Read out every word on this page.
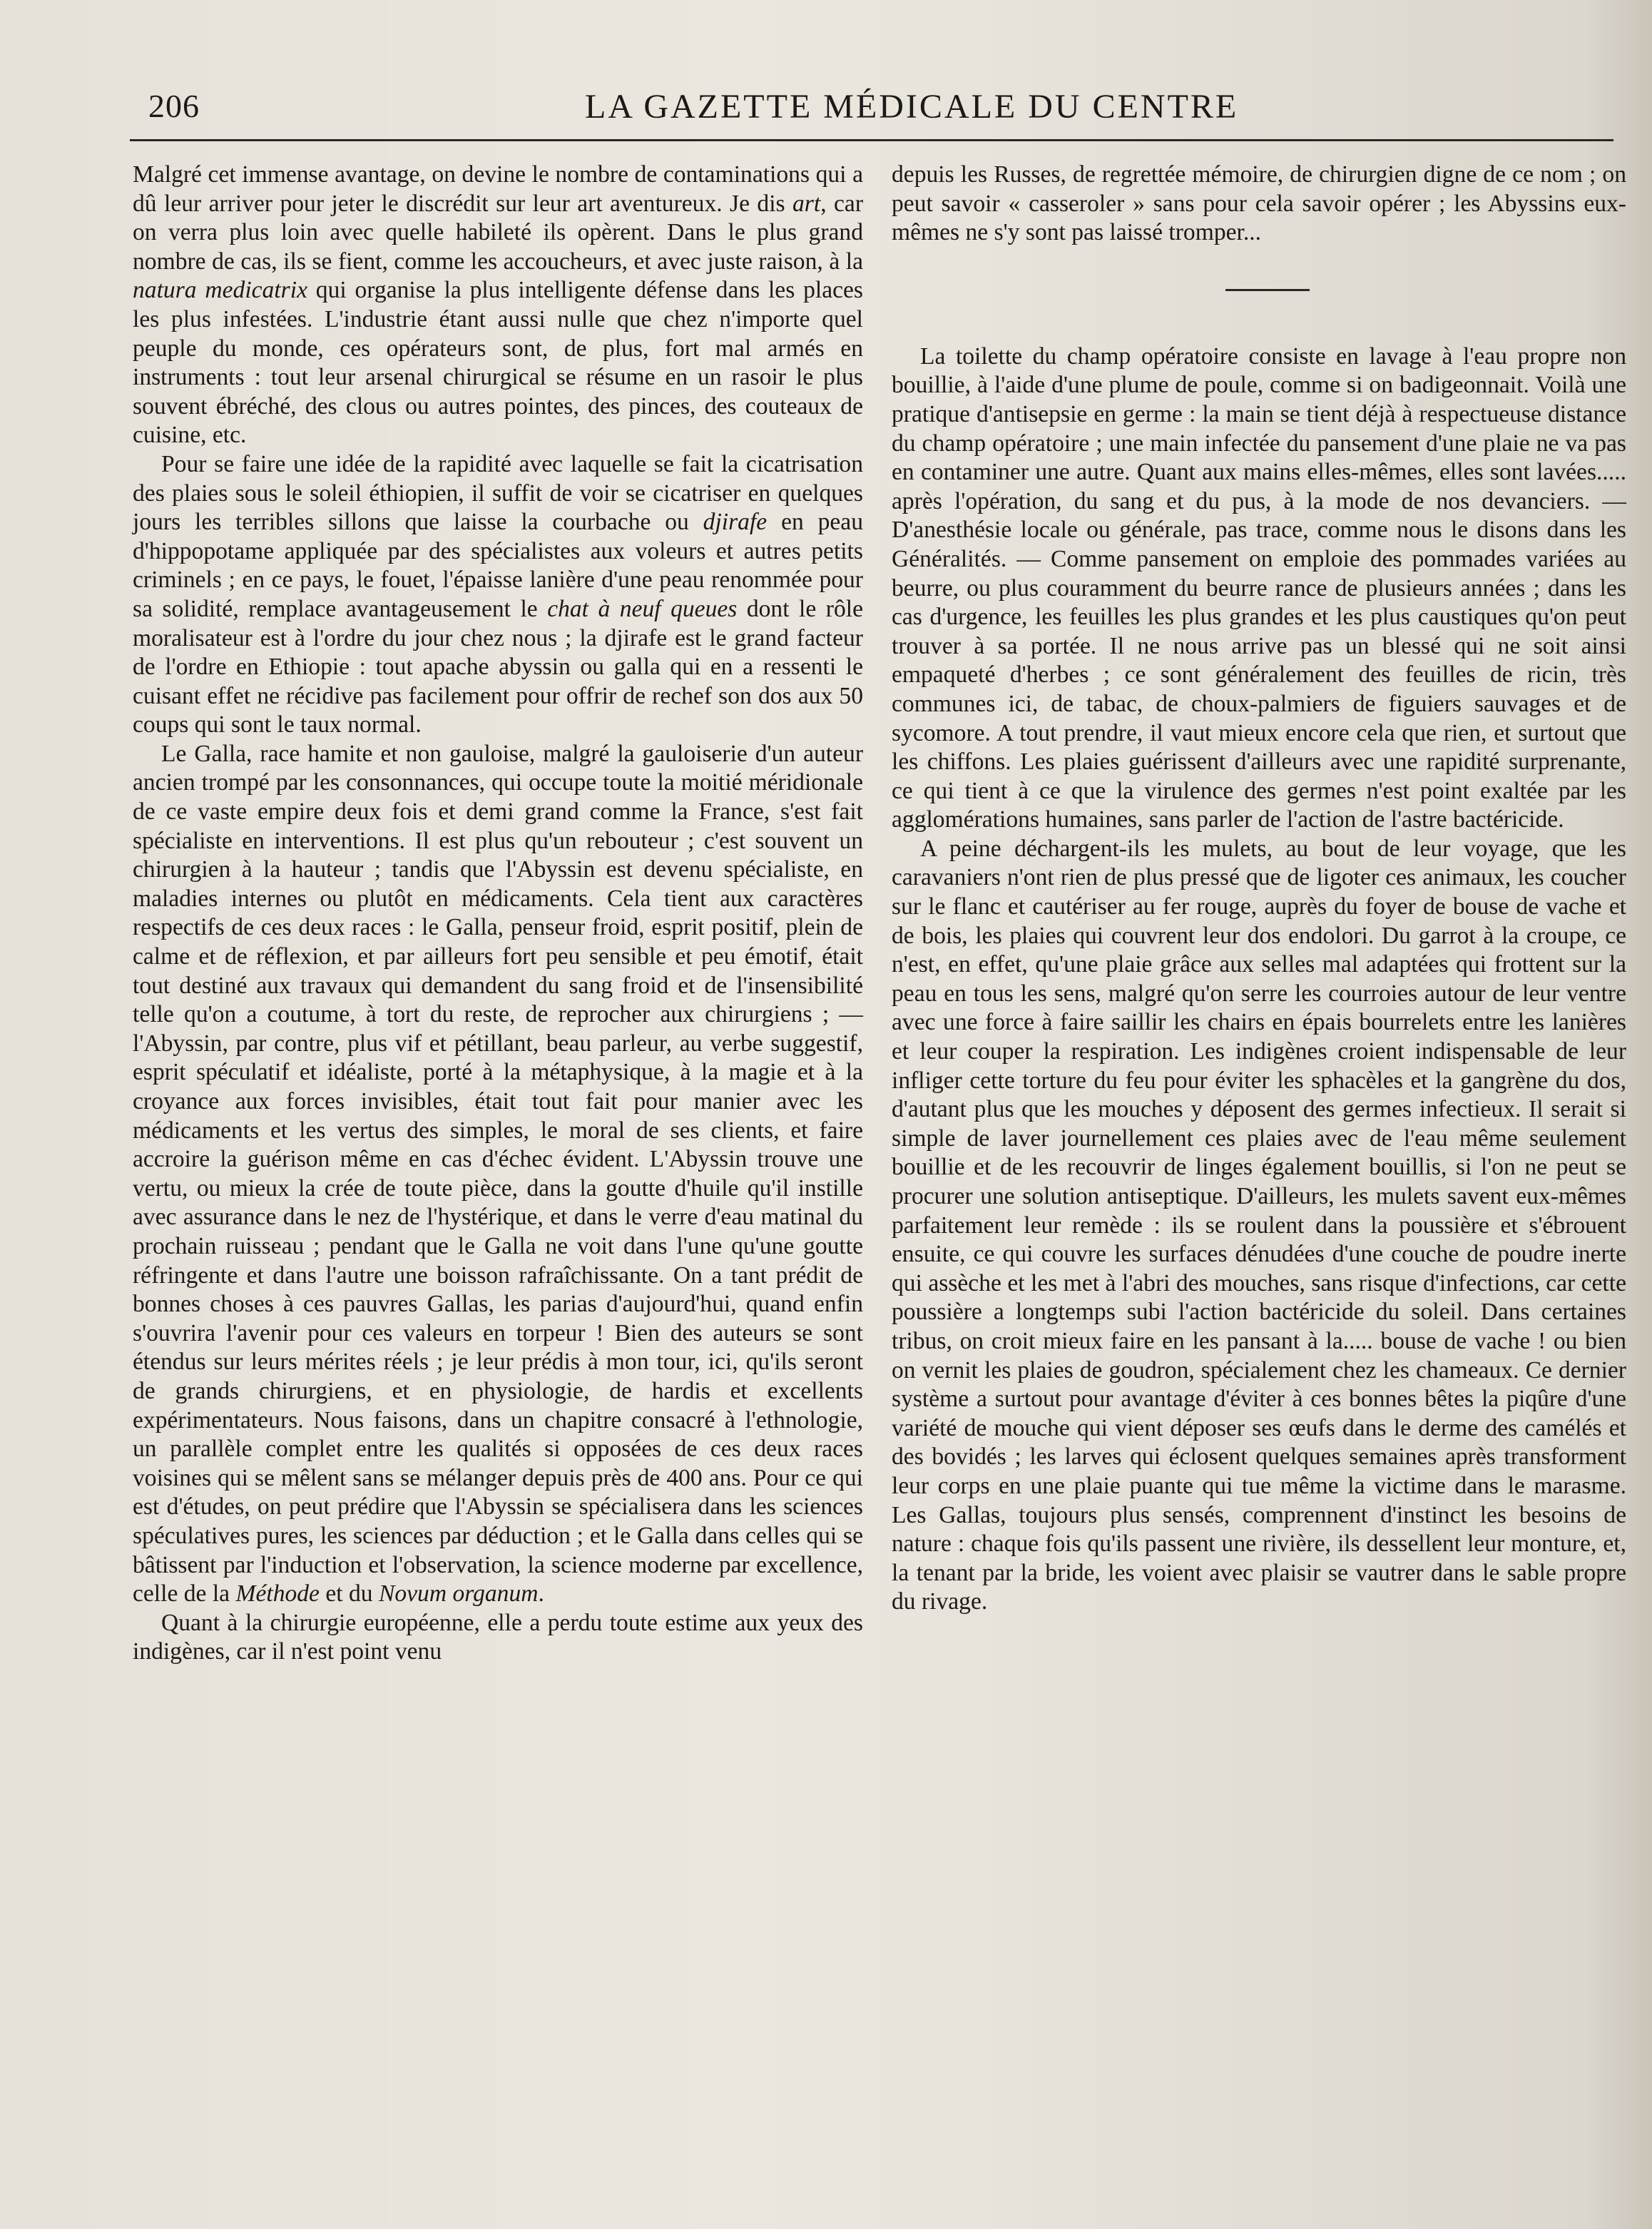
206	LA GAZETTE MÉDICALE DU CENTRE

Malgré cet immense avantage, on devine le nombre de contaminations qui a dû leur arriver pour jeter le discrédit sur leur art aventureux. Je dis art, car on verra plus loin avec quelle habileté ils opèrent. Dans le plus grand nombre de cas, ils se fient, comme les accoucheurs, et avec juste raison, à la natura medicatrix qui organise la plus intelligente défense dans les places les plus infestées. L'industrie étant aussi nulle que chez n'importe quel peuple du monde, ces opérateurs sont, de plus, fort mal armés en instruments : tout leur arsenal chirurgical se résume en un rasoir le plus souvent ébréché, des clous ou autres pointes, des pinces, des couteaux de cuisine, etc.

Pour se faire une idée de la rapidité avec laquelle se fait la cicatrisation des plaies sous le soleil éthiopien, il suffit de voir se cicatriser en quelques jours les terribles sillons que laisse la courbache ou djirafe en peau d'hippopotame appliquée par des spécialistes aux voleurs et autres petits criminels ; en ce pays, le fouet, l'épaisse lanière d'une peau renommée pour sa solidité, remplace avantageusement le chat à neuf queues dont le rôle moralisateur est à l'ordre du jour chez nous ; la djirafe est le grand facteur de l'ordre en Ethiopie : tout apache abyssin ou galla qui en a ressenti le cuisant effet ne récidive pas facilement pour offrir de rechef son dos aux 50 coups qui sont le taux normal.

Le Galla, race hamite et non gauloise, malgré la gauloiserie d'un auteur ancien trompé par les consonnances, qui occupe toute la moitié méridionale de ce vaste empire deux fois et demi grand comme la France, s'est fait spécialiste en interventions. Il est plus qu'un rebouteur ; c'est souvent un chirurgien à la hauteur ; tandis que l'Abyssin est devenu spécialiste, en maladies internes ou plutôt en médicaments. Cela tient aux caractères respectifs de ces deux races : le Galla, penseur froid, esprit positif, plein de calme et de réflexion, et par ailleurs fort peu sensible et peu émotif, était tout destiné aux travaux qui demandent du sang froid et de l'insensibilité telle qu'on a coutume, à tort du reste, de reprocher aux chirurgiens ; — l'Abyssin, par contre, plus vif et pétillant, beau parleur, au verbe suggestif, esprit spéculatif et idéaliste, porté à la métaphysique, à la magie et à la croyance aux forces invisibles, était tout fait pour manier avec les médicaments et les vertus des simples, le moral de ses clients, et faire accroire la guérison même en cas d'échec évident. L'Abyssin trouve une vertu, ou mieux la crée de toute pièce, dans la goutte d'huile qu'il instille avec assurance dans le nez de l'hystérique, et dans le verre d'eau matinal du prochain ruisseau ; pendant que le Galla ne voit dans l'une qu'une goutte réfringente et dans l'autre une boisson rafraîchissante. On a tant prédit de bonnes choses à ces pauvres Gallas, les parias d'aujourd'hui, quand enfin s'ouvrira l'avenir pour ces valeurs en torpeur ! Bien des auteurs se sont étendus sur leurs mérites réels ; je leur prédis à mon tour, ici, qu'ils seront de grands chirurgiens, et en physiologie, de hardis et excellents expérimentateurs. Nous faisons, dans un chapitre consacré à l'ethnologie, un parallèle complet entre les qualités si opposées de ces deux races voisines qui se mêlent sans se mélanger depuis près de 400 ans. Pour ce qui est d'études, on peut prédire que l'Abyssin se spécialisera dans les sciences spéculatives pures, les sciences par déduction ; et le Galla dans celles qui se bâtissent par l'induction et l'observation, la science moderne par excellence, celle de la Méthode et du Novum organum.

Quant à la chirurgie européenne, elle a perdu toute estime aux yeux des indigènes, car il n'est point venu

depuis les Russes, de regrettée mémoire, de chirurgien digne de ce nom ; on peut savoir « casseroler » sans pour cela savoir opérer ; les Abyssins eux-mêmes ne s'y sont pas laissé tromper...

La toilette du champ opératoire consiste en lavage à l'eau propre non bouillie, à l'aide d'une plume de poule, comme si on badigeonnait. Voilà une pratique d'antisepsie en germe : la main se tient déjà à respectueuse distance du champ opératoire ; une main infectée du pansement d'une plaie ne va pas en contaminer une autre. Quant aux mains elles-mêmes, elles sont lavées..... après l'opération, du sang et du pus, à la mode de nos devanciers. — D'anesthésie locale ou générale, pas trace, comme nous le disons dans les Généralités. — Comme pansement on emploie des pommades variées au beurre, ou plus couramment du beurre rance de plusieurs années ; dans les cas d'urgence, les feuilles les plus grandes et les plus caustiques qu'on peut trouver à sa portée. Il ne nous arrive pas un blessé qui ne soit ainsi empaqueté d'herbes ; ce sont généralement des feuilles de ricin, très communes ici, de tabac, de choux-palmiers de figuiers sauvages et de sycomore. A tout prendre, il vaut mieux encore cela que rien, et surtout que les chiffons. Les plaies guérissent d'ailleurs avec une rapidité surprenante, ce qui tient à ce que la virulence des germes n'est point exaltée par les agglomérations humaines, sans parler de l'action de l'astre bactéricide.

A peine déchargent-ils les mulets, au bout de leur voyage, que les caravaniers n'ont rien de plus pressé que de ligoter ces animaux, les coucher sur le flanc et cautériser au fer rouge, auprès du foyer de bouse de vache et de bois, les plaies qui couvrent leur dos endolori. Du garrot à la croupe, ce n'est, en effet, qu'une plaie grâce aux selles mal adaptées qui frottent sur la peau en tous les sens, malgré qu'on serre les courroies autour de leur ventre avec une force à faire saillir les chairs en épais bourrelets entre les lanières et leur couper la respiration. Les indigènes croient indispensable de leur infliger cette torture du feu pour éviter les sphacèles et la gangrène du dos, d'autant plus que les mouches y déposent des germes infectieux. Il serait si simple de laver journellement ces plaies avec de l'eau même seulement bouillie et de les recouvrir de linges également bouillis, si l'on ne peut se procurer une solution antiseptique. D'ailleurs, les mulets savent eux-mêmes parfaitement leur remède : ils se roulent dans la poussière et s'ébrouent ensuite, ce qui couvre les surfaces dénudées d'une couche de poudre inerte qui assèche et les met à l'abri des mouches, sans risque d'infections, car cette poussière a longtemps subi l'action bactéricide du soleil. Dans certaines tribus, on croit mieux faire en les pansant à la..... bouse de vache ! ou bien on vernit les plaies de goudron, spécialement chez les chameaux. Ce dernier système a surtout pour avantage d'éviter à ces bonnes bêtes la piqûre d'une variété de mouche qui vient déposer ses œufs dans le derme des camélés et des bovidés ; les larves qui éclosent quelques semaines après transforment leur corps en une plaie puante qui tue même la victime dans le marasme. Les Gallas, toujours plus sensés, comprennent d'instinct les besoins de nature : chaque fois qu'ils passent une rivière, ils dessellent leur monture, et, la tenant par la bride, les voient avec plaisir se vautrer dans le sable propre du rivage.
